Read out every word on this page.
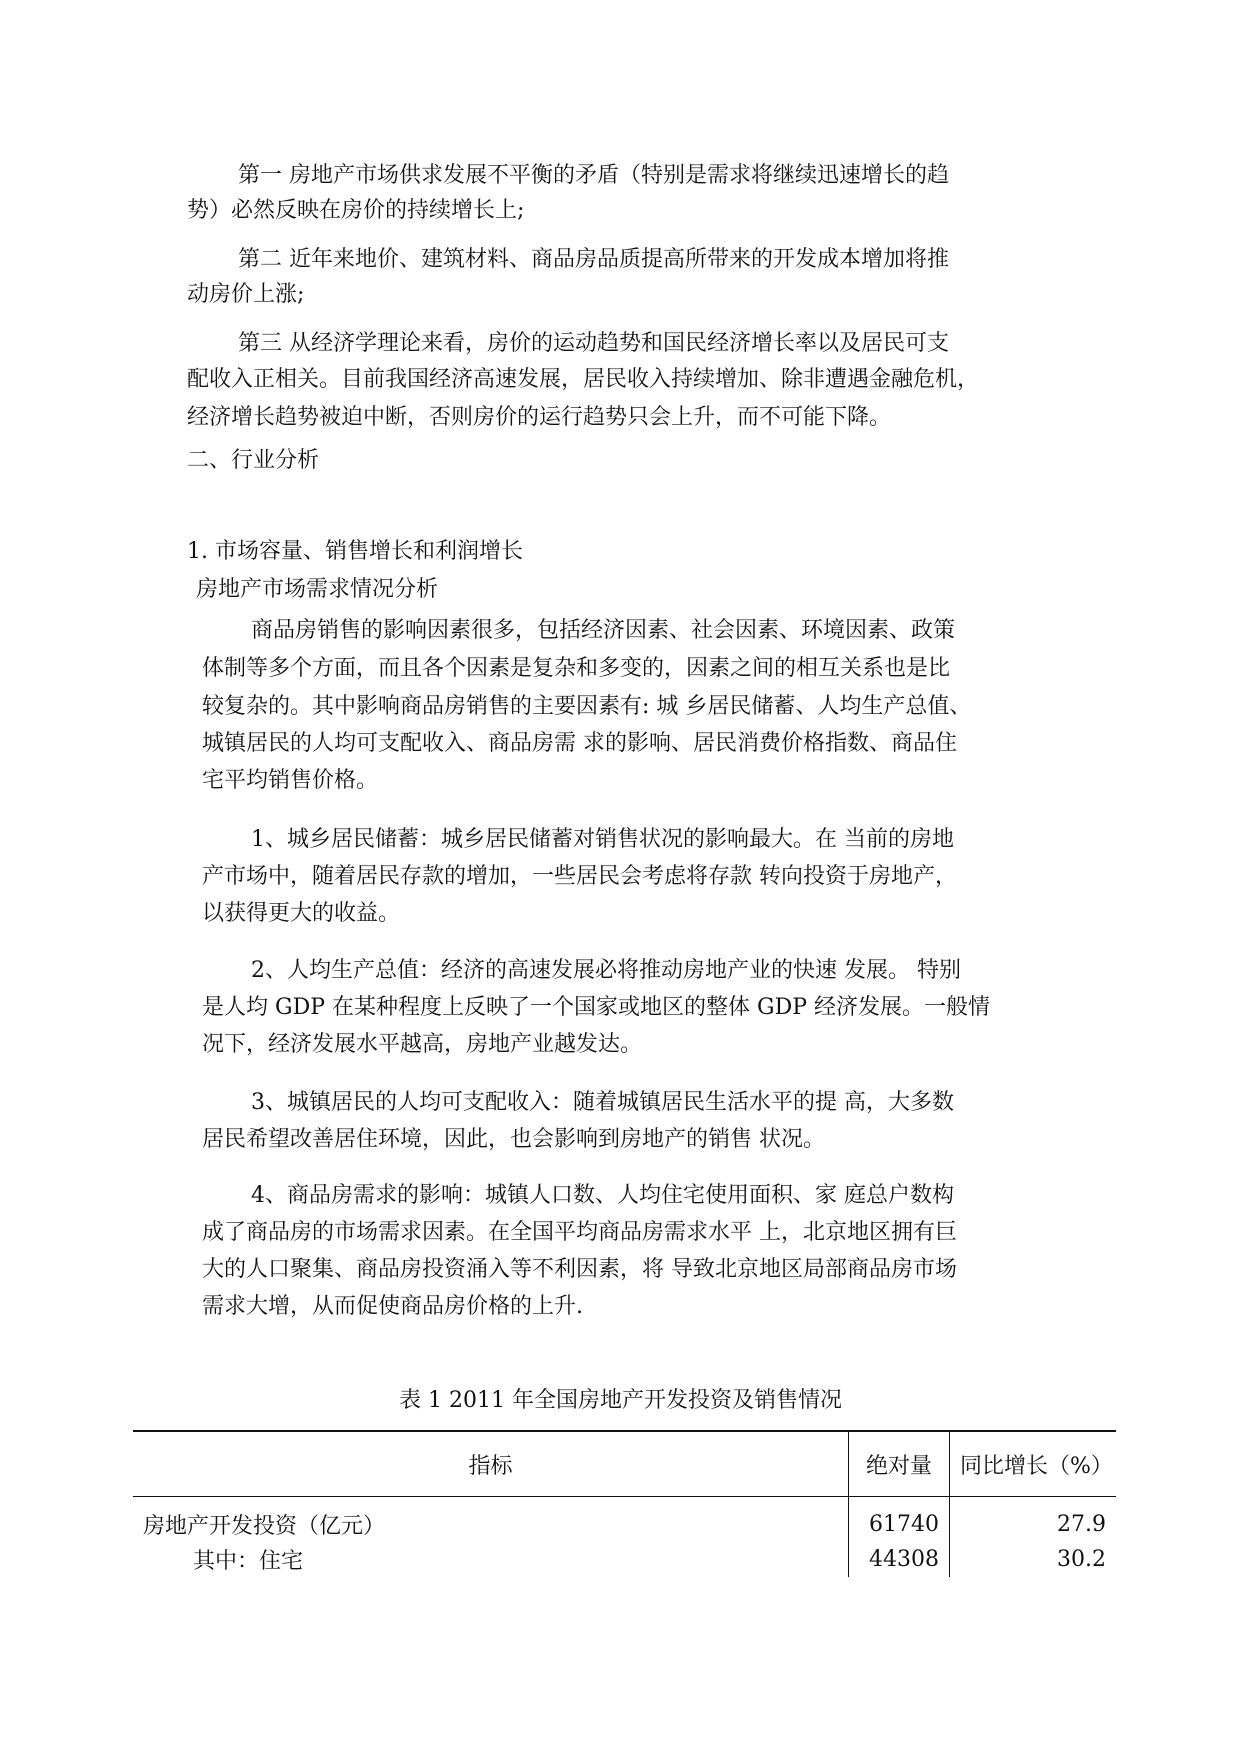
第一 房地产市场供求发展不平衡的矛盾（特别是需求将继续迅速增长的趋
势）必然反映在房价的持续增长上;
第二 近年来地价、建筑材料、商品房品质提高所带来的开发成本增加将推
动房价上涨;
第三 从经济学理论来看，房价的运动趋势和国民经济增长率以及居民可支
配收入正相关。目前我国经济高速发展，居民收入持续增加、除非遭遇金融危机，
经济增长趋势被迫中断，否则房价的运行趋势只会上升，而不可能下降。
二、行业分析
1. 市场容量、销售增长和利润增长
房地产市场需求情况分析
商品房销售的影响因素很多，包括经济因素、社会因素、环境因素、政策
体制等多个方面，而且各个因素是复杂和多变的，因素之间的相互关系也是比
较复杂的。其中影响商品房销售的主要因素有: 城 乡居民储蓄、人均生产总值、
城镇居民的人均可支配收入、商品房需 求的影响、居民消费价格指数、商品住
宅平均销售价格。
1、城乡居民储蓄：城乡居民储蓄对销售状况的影响最大。在 当前的房地
产市场中，随着居民存款的增加，一些居民会考虑将存款 转向投资于房地产，
以获得更大的收益。
2、人均生产总值：经济的高速发展必将推动房地产业的快速 发展。 特别
是人均 GDP 在某种程度上反映了一个国家或地区的整体 GDP 经济发展。一般情
况下，经济发展水平越高，房地产业越发达。
3、城镇居民的人均可支配收入：随着城镇居民生活水平的提 高，大多数
居民希望改善居住环境，因此，也会影响到房地产的销售 状况。
4、商品房需求的影响：城镇人口数、人均住宅使用面积、家 庭总户数构
成了商品房的市场需求因素。在全国平均商品房需求水平 上，北京地区拥有巨
大的人口聚集、商品房投资涌入等不利因素，将 导致北京地区局部商品房市场
需求大增，从而促使商品房价格的上升.
表 1 2011 年全国房地产开发投资及销售情况
指标	绝对量	同比增长（%）
房地产开发投资（亿元）	61740	27.9
其中：住宅	44308	30.2
